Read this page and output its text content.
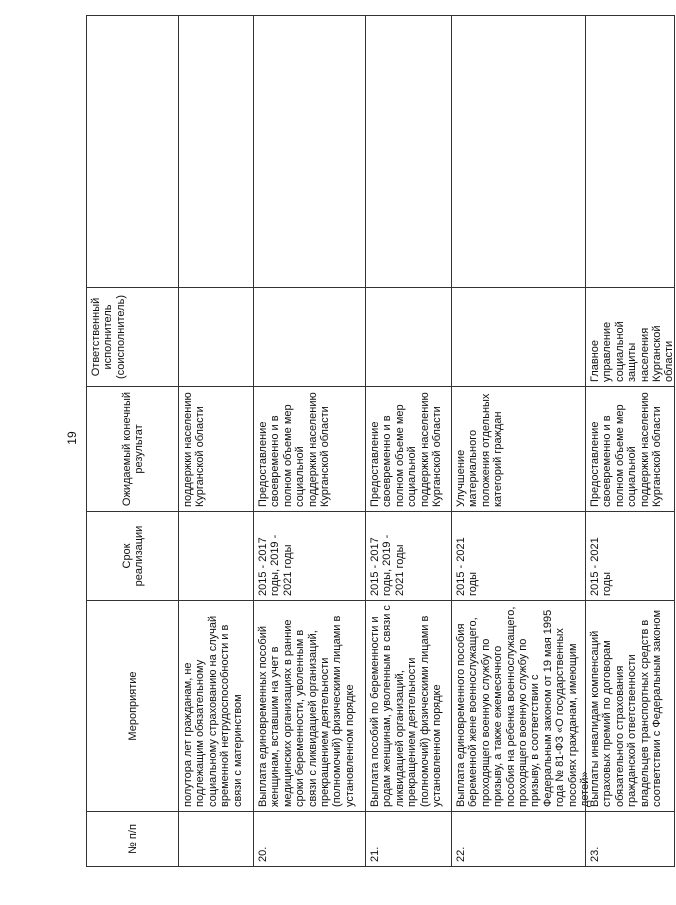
19
№ п/п
Мероприятие
Срок реализации
Ожидаемый конечный результат
Ответственный исполнитель (соисполнитель)
полутора лет гражданам, не подлежащим обязательному социальному страхованию на случай временной нетрудоспособности и в связи с материнством
поддержки населению Курганской области
20.
Выплата единовременных пособий женщинам, вставшим на учет в медицинских организациях в ранние сроки беременности, уволенным в связи с ликвидацией организаций, прекращением деятельности (полномочий) физическими лицами в установленном порядке
2015 - 2017 годы, 2019 - 2021 годы
Предоставление своевременно и в полном объеме мер социальной поддержки населению Курганской области
21.
Выплата пособий по беременности и родам женщинам, уволенным в связи с ликвидацией организаций, прекращением деятельности (полномочий) физическими лицами в установленном порядке
2015 - 2017 годы, 2019 - 2021 годы
Предоставление своевременно и в полном объеме мер социальной поддержки населению Курганской области
22.
Выплата единовременного пособия беременной жене военнослужащего, проходящего военную службу по призыву, а также ежемесячного пособия на ребенка военнослужащего, проходящего военную службу по призыву, в соответствии с Федеральным законом от 19 мая 1995 года № 81-ФЗ «О государственных пособиях гражданам, имеющим детей»
2015 - 2021 годы
Улучшение материального положения отдельных категорий граждан
23.
Выплаты инвалидам компенсаций страховых премий по договорам обязательного страхования гражданской ответственности владельцев транспортных средств в соответствии с Федеральным законом
2015 - 2021 годы
Предоставление своевременно и в полном объеме мер социальной поддержки населению Курганской области
Главное управление социальной защиты населения Курганской области
